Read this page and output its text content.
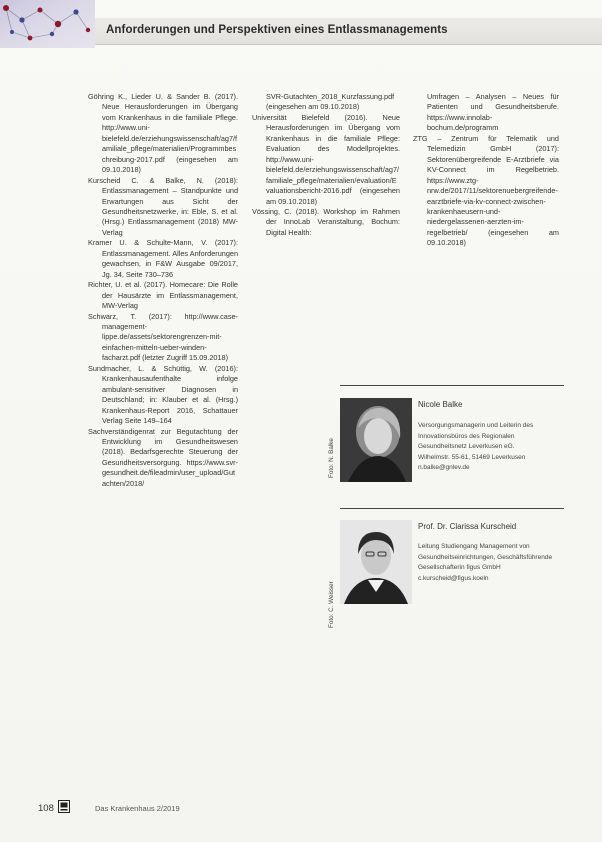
Anforderungen und Perspektiven eines Entlassmanagements

Göhring K., Lieder U. & Sander B. (2017). Neue Herausforderungen im Übergang vom Krankenhaus in die familiale Pflege. http://www.uni-bielefeld.de/erziehungswissenschaft/ag7/familiale_pflege/materialien/Programmbeschreibung-2017.pdf (eingesehen am 09.10.2018)

Kurscheid C. & Balke, N. (2018): Entlassmanagement – Standpunkte und Erwartungen aus Sicht der Gesundheitsnetzwerke, in: Eble, S. et al. (Hrsg.) Entlassmanagement (2018) MW-Verlag

Kramer U. & Schulte-Mann, V. (2017): Entlassmanagement. Alles Anforderungen gewachsen, in F&W Ausgabe 09/2017, Jg. 34, Seite 730–736

Richter, U. et al. (2017). Homecare: Die Rolle der Hausärzte im Entlassmanagement, MW-Verlag

Schwarz, T. (2017): http://www.case-management-lippe.de/assets/sektorengrenzen-mit-einfachen-mitteln-ueber-winden-facharzt.pdf (letzter Zugriff 15.09.2018)

Sundmacher, L. & Schüttig, W. (2016): Krankenhausaufenthalte infolge ambulant-sensitiver Diagnosen in Deutschland; in: Klauber et al. (Hrsg.) Krankenhaus-Report 2016, Schattauer Verlag Seite 149–164

Sachverständigenrat zur Begutachtung der Entwicklung im Gesundheitswesen (2018). Bedarfsgerechte Steuerung der Gesundheitsversorgung. https://www.svr-gesundheit.de/fileadmin/user_upload/Gutachten/2018/

SVR-Gutachten_2018_Kurzfassung.pdf (eingesehen am 09.10.2018)

Universität Bielefeld (2016). Neue Herausforderungen im Übergang vom Krankenhaus in die familiale Pflege: Evaluation des Modellprojektes. http://www.uni-bielefeld.de/erziehungswissenschaft/ag7/familiale_pflege/materialien/evaluation/Evaluationsbericht-2016.pdf (eingesehen am 09.10.2018)

Vössing, C. (2018). Workshop im Rahmen der InnoLab Veranstaltung, Bochum: Digital Health:

Umfragen – Analysen – Neues für Patienten und Gesundheitsberufe. https://www.innolab-bochum.de/programm

ZTG – Zentrum für Telematik und Telemedizin GmbH (2017): Sektorenübergreifende E-Arztbriefe via KV-Connect im Regelbetrieb. https://www.ztg-nrw.de/2017/11/sektorenuebergreifende-earztbriefe-via-kv-connect-zwischen-krankenhaeusern-und-niedergelassenen-aerzten-im-regelbetrieb/ (eingesehen am 09.10.2018)

Foto: N. Balke
Nicole Balke

Versorgungsmanagerin und Leiterin des Innovationsbüros des Regionalen Gesundheitsnetz Leverkusen eG.

Wilhelmstr. 55-61, 51469 Leverkusen

n.balke@gnlev.de

Foto: C. Weisser
Prof. Dr. Clarissa Kurscheid

Leitung Studiengang Management von Gesundheitseinrichtungen, Geschäftsführende Gesellschafterin figus GmbH

c.kurscheid@figus.koeln

108	Das Krankenhaus 2/2019
